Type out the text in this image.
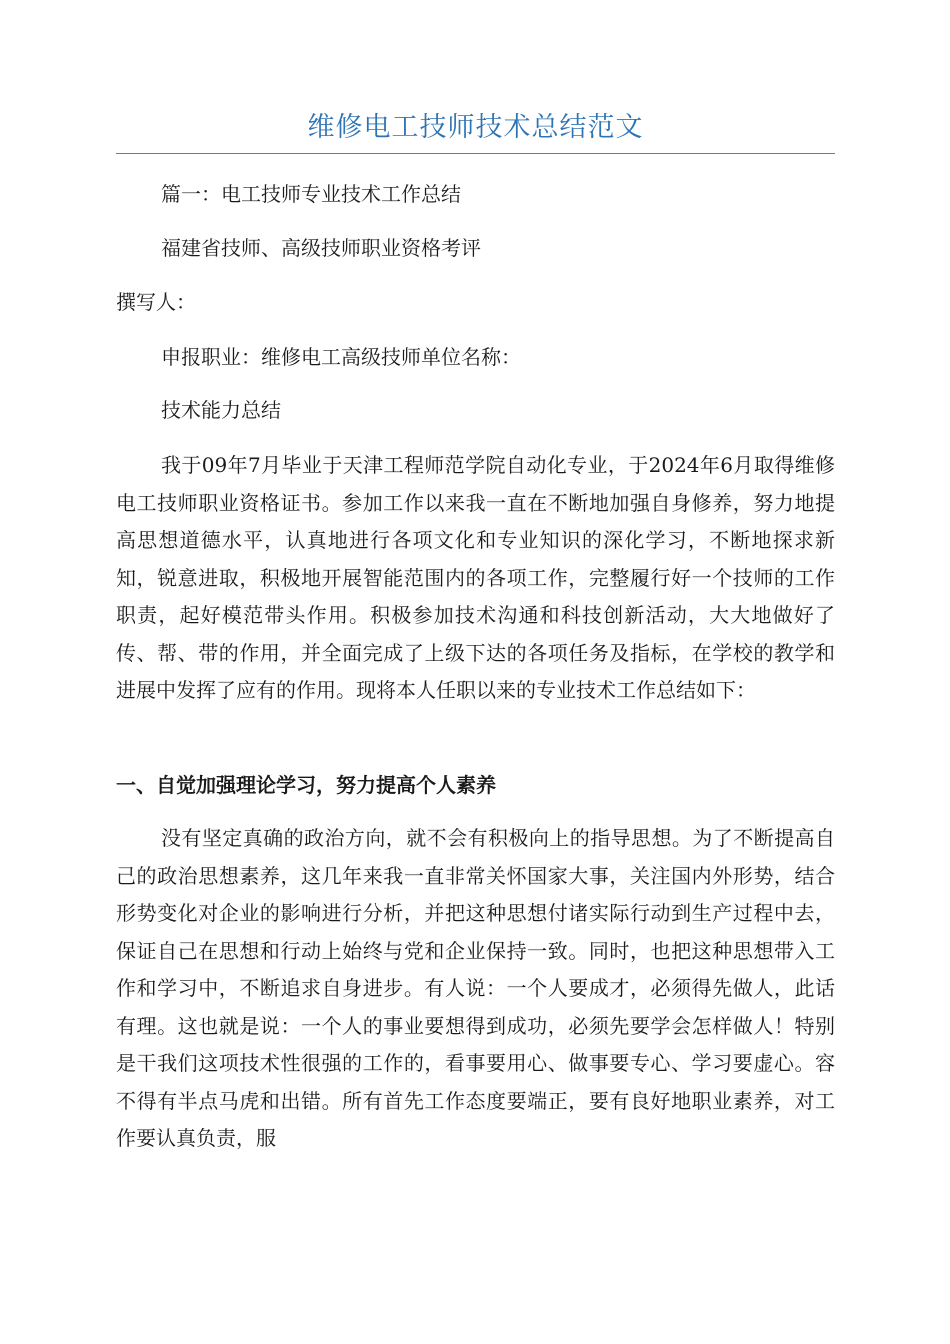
维修电工技师技术总结范文

篇一：电工技师专业技术工作总结

福建省技师、高级技师职业资格考评

撰写人：

申报职业：维修电工高级技师单位名称：

技术能力总结

我于09年7月毕业于天津工程师范学院自动化专业，于2024年6月取得维修电工技师职业资格证书。参加工作以来我一直在不断地加强自身修养，努力地提高思想道德水平，认真地进行各项文化和专业知识的深化学习，不断地探求新知，锐意进取，积极地开展智能范围内的各项工作，完整履行好一个技师的工作职责，起好模范带头作用。积极参加技术沟通和科技创新活动，大大地做好了传、帮、带的作用，并全面完成了上级下达的各项任务及指标，在学校的教学和进展中发挥了应有的作用。现将本人任职以来的专业技术工作总结如下：

一、自觉加强理论学习，努力提高个人素养

没有坚定真确的政治方向，就不会有积极向上的指导思想。为了不断提高自己的政治思想素养，这几年来我一直非常关怀国家大事，关注国内外形势，结合形势变化对企业的影响进行分析，并把这种思想付诸实际行动到生产过程中去，保证自己在思想和行动上始终与党和企业保持一致。同时，也把这种思想带入工作和学习中，不断追求自身进步。有人说：一个人要成才，必须得先做人，此话有理。这也就是说：一个人的事业要想得到成功，必须先要学会怎样做人！特别是干我们这项技术性很强的工作的，看事要用心、做事要专心、学习要虚心。容不得有半点马虎和出错。所有首先工作态度要端正，要有良好地职业素养，对工作要认真负责，服
